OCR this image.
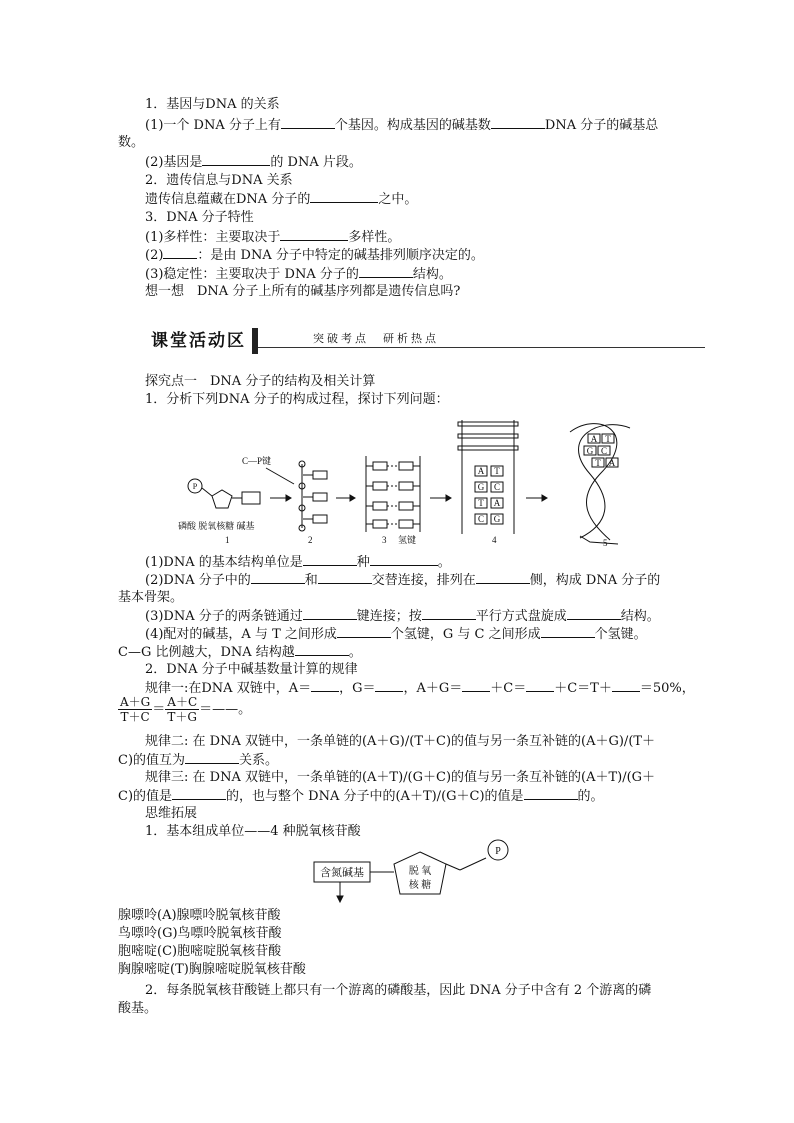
1．基因与DNA 的关系
(1)一个 DNA 分子上有	个基因。构成基因的碱基数	DNA 分子的碱基总
数。
(2)基因是	的 DNA 片段。
2．遗传信息与DNA 关系
遗传信息蕴藏在DNA 分子的	之中。
3．DNA 分子特性
(1)多样性：主要取决于	多样性。
(2)	：是由 DNA 分子中特定的碱基排列顺序决定的。
(3)稳定性：主要取决于 DNA 分子的	结构。
想一想　DNA 分子上所有的碱基序列都是遗传信息吗?
课堂活动区	突破考点　研析热点
探究点一　DNA 分子的结构及相关计算
1．分析下列DNA 分子的构成过程，探讨下列问题：
P
磷酸 脱氧核糖 碱基
1
C—P键
2	氢键
3
A
G
T
C
T
C
A
G
4
A
G
T
T
C
A
5
(1)DNA 的基本结构单位是	种	。
(2)DNA 分子中的	和	交替连接，排列在	侧，构成 DNA 分子的
基本骨架。
(3)DNA 分子的两条链通过	键连接；按	平行方式盘旋成	结构。
(4)配对的碱基，A 与 T 之间形成	个氢键，G 与 C 之间形成	个氢键。
C—G 比例越大，DNA 结构越	。
2．DNA 分子中碱基数量计算的规律
规律一:在DNA 双链中，A＝ ，G＝ ，A＋G＝ ＋C＝ ＋C＝T＋ ＝50%，
$\frac{A+G}{T+C} = \frac{A+C}{T+G}$ ＝——。
规律二: 在 DNA 双链中，一条单链的(A＋G)/(T＋C)的值与另一条互补链的(A＋G)/(T＋
C)的值互为	关系。
规律三: 在 DNA 双链中，一条单链的(A＋T)/(G＋C)的值与另一条互补链的(A＋T)/(G＋
C)的值是	的，也与整个 DNA 分子中的(A＋T)/(G＋C)的值是	的。
思维拓展
1．基本组成单位——4 种脱氧核苷酸
含氮碱基	脱 氧
核 糖
P
腺嘌呤(A)腺嘌呤脱氧核苷酸
鸟嘌呤(G)鸟嘌呤脱氧核苷酸
胞嘧啶(C)胞嘧啶脱氧核苷酸
胸腺嘧啶(T)胸腺嘧啶脱氧核苷酸
2．每条脱氧核苷酸链上都只有一个游离的磷酸基，因此 DNA 分子中含有 2 个游离的磷
酸基。
